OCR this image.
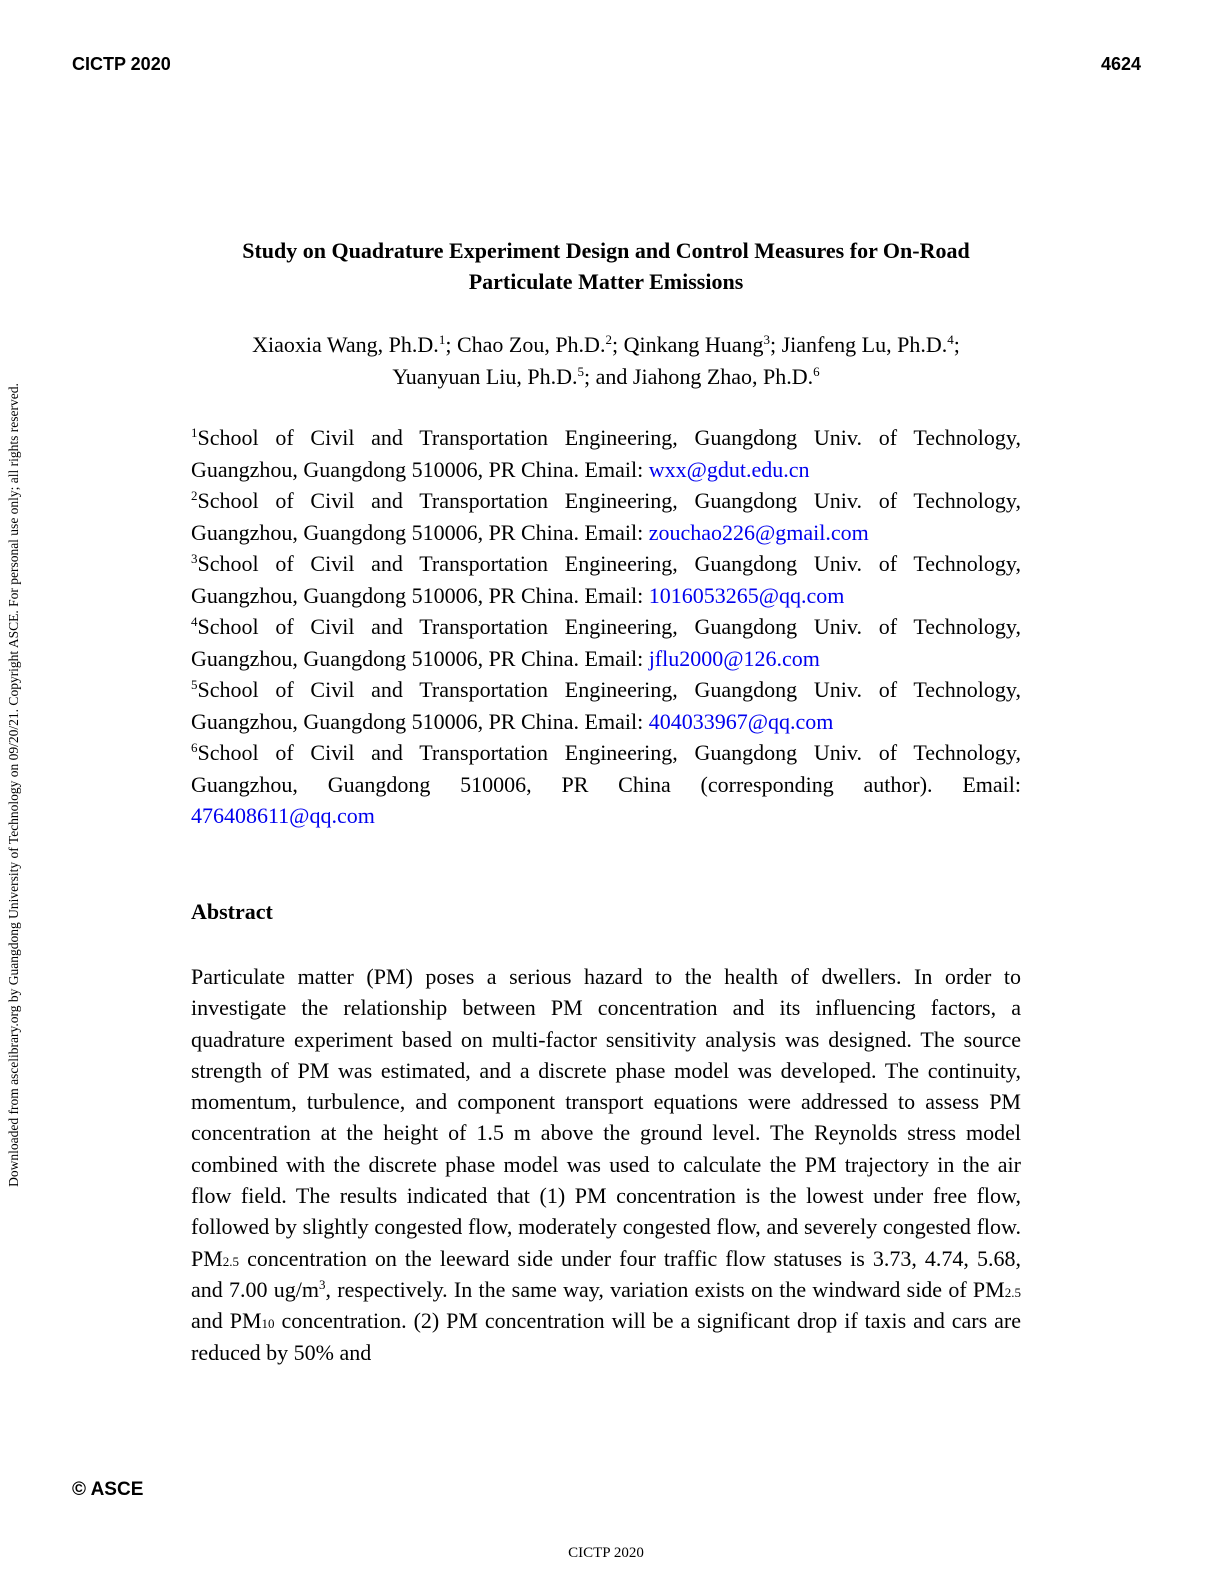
CICTP 2020	4624
Downloaded from ascelibrary.org by Guangdong University of Technology on 09/20/21. Copyright ASCE. For personal use only; all rights reserved.
Study on Quadrature Experiment Design and Control Measures for On-Road
Particulate Matter Emissions
Xiaoxia Wang, Ph.D.$^1$; Chao Zou, Ph.D.$^2$; Qinkang Huang$^3$; Jianfeng Lu, Ph.D.$^4$;
Yuanyuan Liu, Ph.D.$^5$; and Jiahong Zhao, Ph.D.$^6$
$^1$School of Civil and Transportation Engineering, Guangdong Univ. of Technology, Guangzhou, Guangdong 510006, PR China. Email: wxx@gdut.edu.cn
$^2$School of Civil and Transportation Engineering, Guangdong Univ. of Technology, Guangzhou, Guangdong 510006, PR China. Email: zouchao226@gmail.com
$^3$School of Civil and Transportation Engineering, Guangdong Univ. of Technology, Guangzhou, Guangdong 510006, PR China. Email: 1016053265@qq.com
$^4$School of Civil and Transportation Engineering, Guangdong Univ. of Technology, Guangzhou, Guangdong 510006, PR China. Email: jflu2000@126.com
$^5$School of Civil and Transportation Engineering, Guangdong Univ. of Technology, Guangzhou, Guangdong 510006, PR China. Email: 404033967@qq.com
$^6$School of Civil and Transportation Engineering, Guangdong Univ. of Technology, Guangzhou, Guangdong 510006, PR China (corresponding author). Email: 476408611@qq.com
Abstract
Particulate matter (PM) poses a serious hazard to the health of dwellers. In order to investigate the relationship between PM concentration and its influencing factors, a quadrature experiment based on multi-factor sensitivity analysis was designed. The source strength of PM was estimated, and a discrete phase model was developed. The continuity, momentum, turbulence, and component transport equations were addressed to assess PM concentration at the height of 1.5 m above the ground level. The Reynolds stress model combined with the discrete phase model was used to calculate the PM trajectory in the air flow field. The results indicated that (1) PM concentration is the lowest under free flow, followed by slightly congested flow, moderately congested flow, and severely congested flow. PM2.5 concentration on the leeward side under four traffic flow statuses is 3.73, 4.74, 5.68, and 7.00 $ug/m^3$, respectively. In the same way, variation exists on the windward side of PM2.5 and PM10 concentration. (2) PM concentration will be a significant drop if taxis and cars are reduced by 50% and
© ASCE
CICTP 2020
